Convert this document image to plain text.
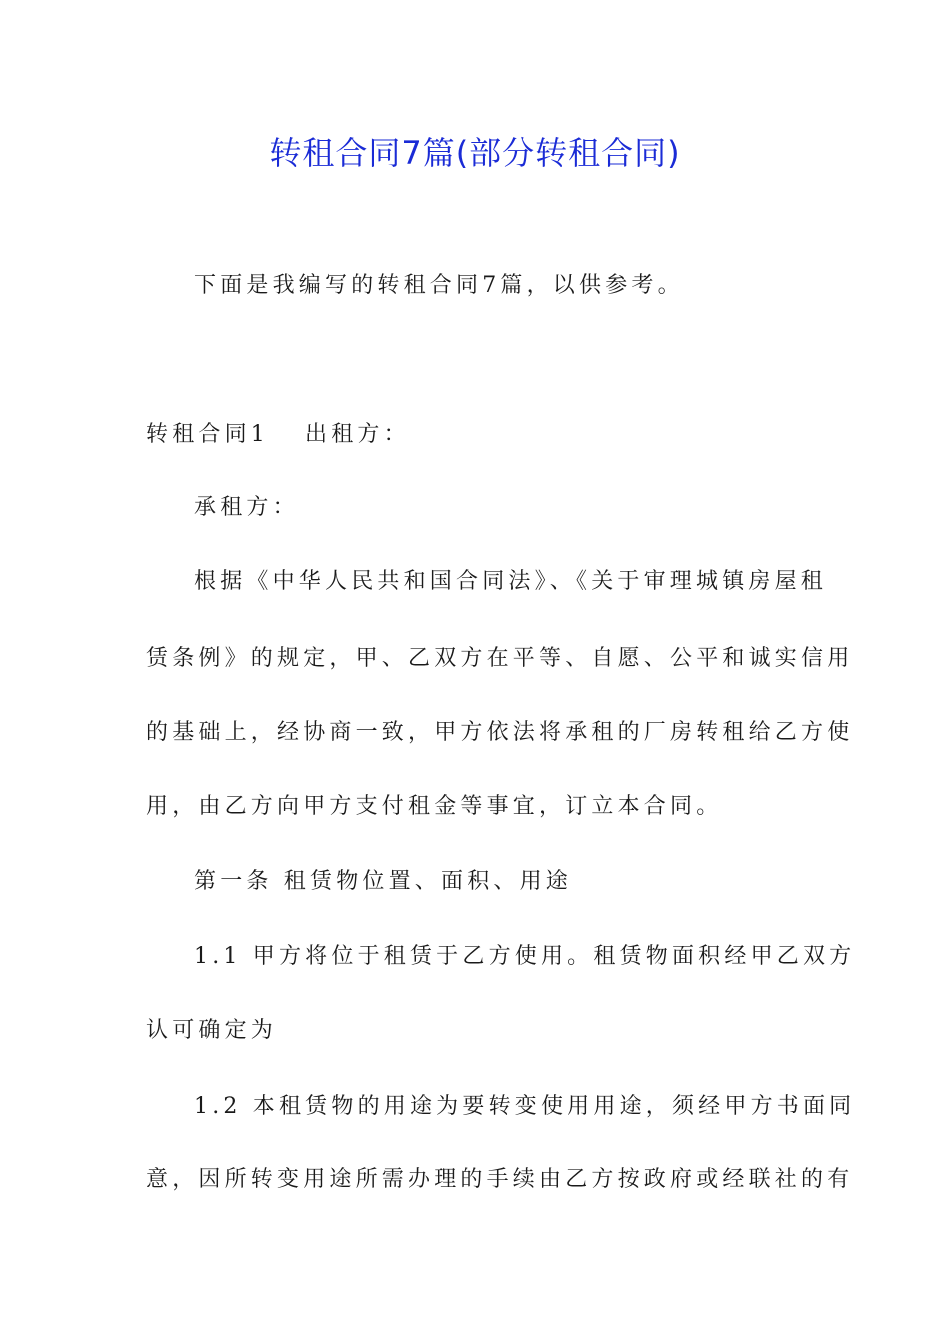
转租合同7篇(部分转租合同)
下面是我编写的转租合同7篇，以供参考。
转租合同1 出租方：
承租方：
根据《中华人民共和国合同法》、《关于审理城镇房屋租
赁条例》的规定，甲、乙双方在平等、自愿、公平和诚实信用
的基础上，经协商一致，甲方依法将承租的厂房转租给乙方使
用，由乙方向甲方支付租金等事宜，订立本合同。
第一条 租赁物位置、面积、用途
1.1 甲方将位于租赁于乙方使用。租赁物面积经甲乙双方
认可确定为
1.2 本租赁物的用途为要转变使用用途，须经甲方书面同
意，因所转变用途所需办理的手续由乙方按政府或经联社的有
